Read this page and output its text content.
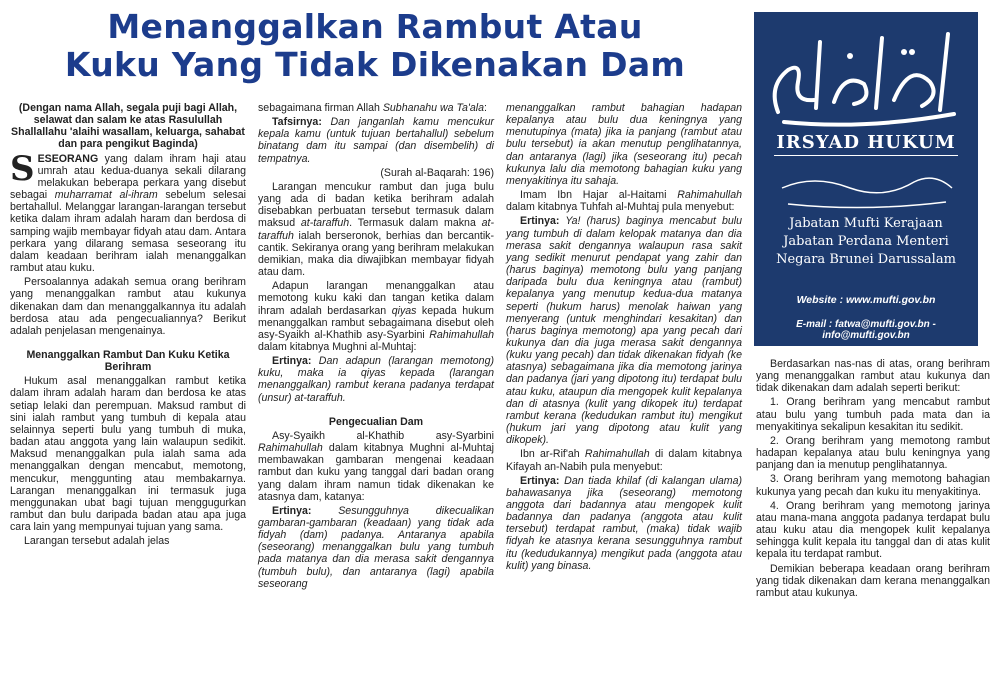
Menanggalkan Rambut Atau
Kuku Yang Tidak Dikenakan Dam

(Dengan nama Allah, segala puji bagi Allah, selawat dan salam ke atas Rasulullah Shallallahu 'alaihi wasallam, keluarga, sahabat dan para pengikut Baginda)

SESEORANG yang dalam ihram haji atau umrah atau kedua-duanya sekali dilarang melakukan beberapa perkara yang disebut sebagai muharramat al-ihram sebelum selesai bertahallul. Melanggar larangan-larangan tersebut ketika dalam ihram adalah haram dan berdosa di samping wajib membayar fidyah atau dam. Antara perkara yang dilarang semasa seseorang itu dalam keadaan berihram ialah menanggalkan rambut atau kuku.

Persoalannya adakah semua orang berihram yang menanggalkan rambut atau kukunya dikenakan dam dan menanggalkannya itu adalah berdosa atau ada pengecualiannya? Berikut adalah penjelasan mengenainya.

Menanggalkan Rambut Dan Kuku Ketika Berihram

Hukum asal menanggalkan rambut ketika dalam ihram adalah haram dan berdosa ke atas setiap lelaki dan perempuan. Maksud rambut di sini ialah rambut yang tumbuh di kepala atau selainnya seperti bulu yang tumbuh di muka, badan atau anggota yang lain walaupun sedikit. Maksud menanggalkan pula ialah sama ada menanggalkan dengan mencabut, memotong, mencukur, menggunting atau membakarnya. Larangan menanggalkan ini termasuk juga menggunakan ubat bagi tujuan menggugurkan rambut dan bulu daripada badan atau apa juga cara lain yang mempunyai tujuan yang sama.

Larangan tersebut adalah jelas

sebagaimana firman Allah Subhanahu wa Ta'ala:

Tafsirnya: Dan janganlah kamu mencukur kepala kamu (untuk tujuan bertahallul) sebelum binatang dam itu sampai (dan disembelih) di tempatnya.

(Surah al-Baqarah: 196)

Larangan mencukur rambut dan juga bulu yang ada di badan ketika berihram adalah disebabkan perbuatan tersebut termasuk dalam maksud at-taraffuh. Termasuk dalam makna at-taraffuh ialah berseronok, berhias dan bercantik-cantik. Sekiranya orang yang berihram melakukan demikian, maka dia diwajibkan membayar fidyah atau dam.

Adapun larangan menanggalkan atau memotong kuku kaki dan tangan ketika dalam ihram adalah berdasarkan qiyas kepada hukum menanggalkan rambut sebagaimana disebut oleh asy-Syaikh al-Khathib asy-Syarbini Rahimahullah dalam kitabnya Mughni al-Muhtaj:

Ertinya: Dan adapun (larangan memotong) kuku, maka ia qiyas kepada (larangan menanggalkan) rambut kerana padanya terdapat (unsur) at-taraffuh.

Pengecualian Dam

Asy-Syaikh al-Khathib asy-Syarbini Rahimahullah dalam kitabnya Mughni al-Muhtaj membawakan gambaran mengenai keadaan rambut dan kuku yang tanggal dari badan orang yang dalam ihram namun tidak dikenakan ke atasnya dam, katanya:

Ertinya: Sesungguhnya dikecualikan gambaran-gambaran (keadaan) yang tidak ada fidyah (dam) padanya. Antaranya apabila (seseorang) menanggalkan bulu yang tumbuh pada matanya dan dia merasa sakit dengannya (tumbuh bulu), dan antaranya (lagi) apabila seseorang

menanggalkan rambut bahagian hadapan kepalanya atau bulu dua keningnya yang menutupinya (mata) jika ia panjang (rambut atau bulu tersebut) ia akan menutup penglihatannya, dan antaranya (lagi) jika (seseorang itu) pecah kukunya lalu dia memotong bahagian kuku yang menyakitinya itu sahaja.

Imam Ibn Hajar al-Haitami Rahimahullah dalam kitabnya Tuhfah al-Muhtaj pula menyebut:

Ertinya: Ya! (harus) baginya mencabut bulu yang tumbuh di dalam kelopak matanya dan dia merasa sakit dengannya walaupun rasa sakit yang sedikit menurut pendapat yang zahir dan (harus baginya) memotong bulu yang panjang daripada bulu dua keningnya atau (rambut) kepalanya yang menutup kedua-dua matanya seperti (hukum harus) menolak haiwan yang menyerang (untuk menghindari kesakitan) dan (harus baginya memotong) apa yang pecah dari kukunya dan dia juga merasa sakit dengannya (kuku yang pecah) dan tidak dikenakan fidyah (ke atasnya) sebagaimana jika dia memotong jarinya dan padanya (jari yang dipotong itu) terdapat bulu atau kuku, ataupun dia mengopek kulit kepalanya dan di atasnya (kulit yang dikopek itu) terdapat rambut kerana (kedudukan rambut itu) mengikut (hukum jari yang dipotong atau kulit yang dikopek).

Ibn ar-Rif'ah Rahimahullah di dalam kitabnya Kifayah an-Nabih pula menyebut:

Ertinya: Dan tiada khilaf (di kalangan ulama) bahawasanya jika (seseorang) memotong anggota dari badannya atau mengopek kulit badannya dan padanya (anggota atau kulit tersebut) terdapat rambut, (maka) tidak wajib fidyah ke atasnya kerana sesungguhnya rambut itu (kedudukannya) mengikut pada (anggota atau kulit) yang binasa.

IRSYAD HUKUM
Jabatan Mufti Kerajaan
Jabatan Perdana Menteri
Negara Brunei Darussalam
Website : www.mufti.gov.bn
E-mail : fatwa@mufti.gov.bn - info@mufti.gov.bn

Berdasarkan nas-nas di atas, orang berihram yang menanggalkan rambut atau kukunya dan tidak dikenakan dam adalah seperti berikut:

1. Orang berihram yang mencabut rambut atau bulu yang tumbuh pada mata dan ia menyakitinya sekalipun kesakitan itu sedikit.

2. Orang berihram yang memotong rambut hadapan kepalanya atau bulu keningnya yang panjang dan ia menutup penglihatannya.

3. Orang berihram yang memotong bahagian kukunya yang pecah dan kuku itu menyakitinya.

4. Orang berihram yang memotong jarinya atau mana-mana anggota padanya terdapat bulu atau kuku atau dia mengopek kulit kepalanya sehingga kulit kepala itu tanggal dan di atas kulit kepala itu terdapat rambut.

Demikian beberapa keadaan orang berihram yang tidak dikenakan dam kerana menanggalkan rambut atau kukunya.
